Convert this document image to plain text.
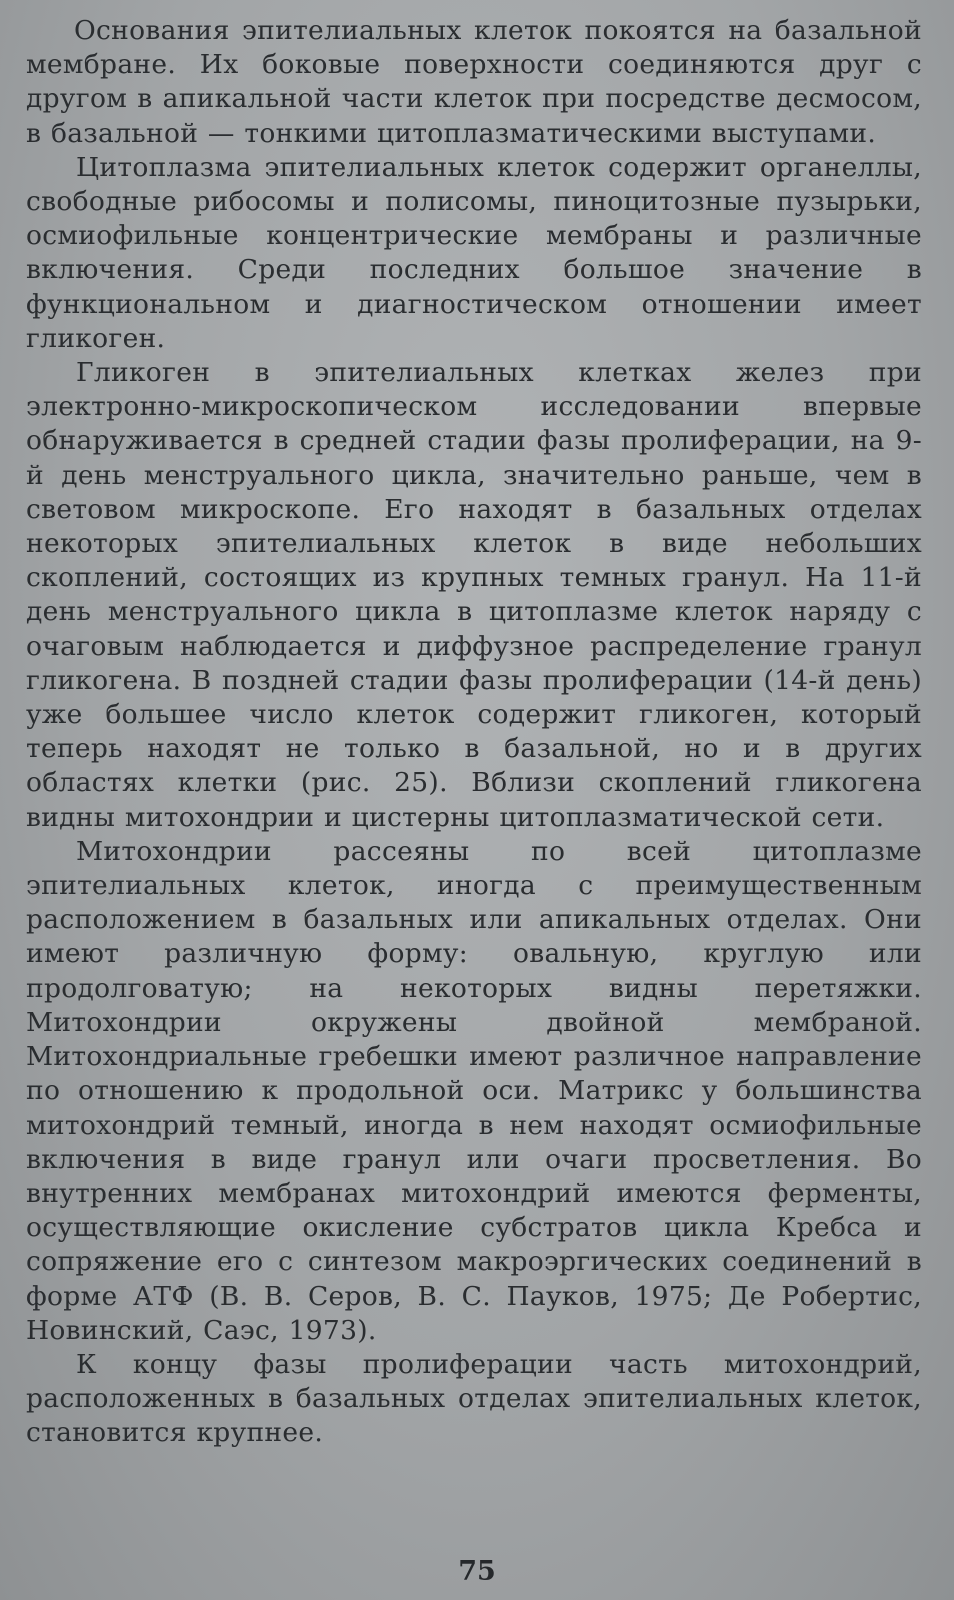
Основания эпителиальных клеток покоятся на базальной мембране. Их боковые поверхности соединяются друг с другом в апикальной части клеток при посредстве десмосом, в базальной — тонкими цитоплазматическими выступами.

Цитоплазма эпителиальных клеток содержит органеллы, свободные рибосомы и полисомы, пиноцитозные пузырьки, осмиофильные концентрические мембраны и различные включения. Среди последних большое значение в функциональном и диагностическом отношении имеет гликоген.

Гликоген в эпителиальных клетках желез при электронно-микроскопическом исследовании впервые обнаруживается в средней стадии фазы пролиферации, на 9-й день менструального цикла, значительно раньше, чем в световом микроскопе. Его находят в базальных отделах некоторых эпителиальных клеток в виде небольших скоплений, состоящих из крупных темных гранул. На 11-й день менструального цикла в цитоплазме клеток наряду с очаговым наблюдается и диффузное распределение гранул гликогена. В поздней стадии фазы пролиферации (14-й день) уже большее число клеток содержит гликоген, который теперь находят не только в базальной, но и в других областях клетки (рис. 25). Вблизи скоплений гликогена видны митохондрии и цистерны цитоплазматической сети.

Митохондрии рассеяны по всей цитоплазме эпителиальных клеток, иногда с преимущественным расположением в базальных или апикальных отделах. Они имеют различную форму: овальную, круглую или продолговатую; на некоторых видны перетяжки. Митохондрии окружены двойной мембраной. Митохондриальные гребешки имеют различное направление по отношению к продольной оси. Матрикс у большинства митохондрий темный, иногда в нем находят осмиофильные включения в виде гранул или очаги просветления. Во внутренних мембранах митохондрий имеются ферменты, осуществляющие окисление субстратов цикла Кребса и сопряжение его с синтезом макроэргических соединений в форме АТФ (В. В. Серов, В. С. Пауков, 1975; Де Робертис, Новинский, Саэс, 1973).

К концу фазы пролиферации часть митохондрий, расположенных в базальных отделах эпителиальных клеток, становится крупнее.

75
